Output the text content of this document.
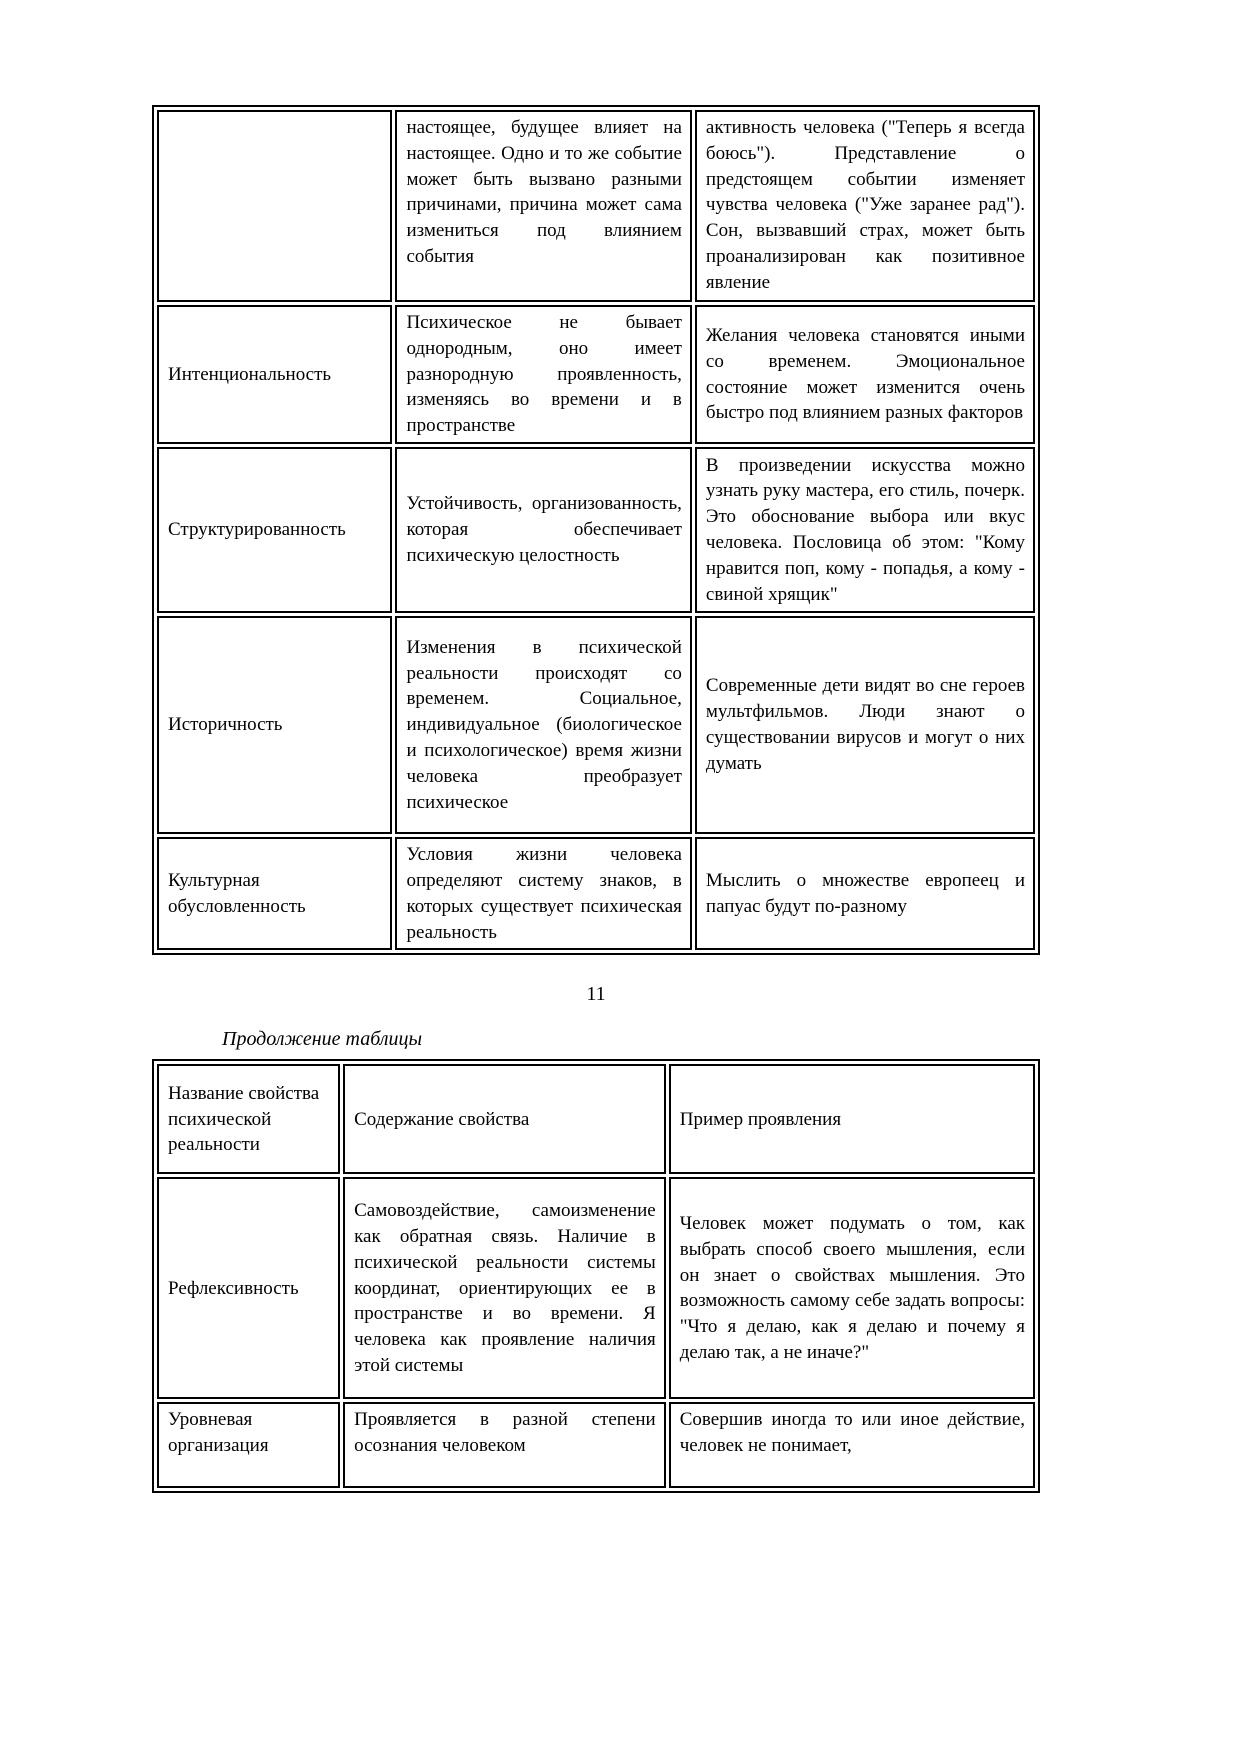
	настоящее, будущее влияет на настоящее. Одно и то же событие может быть вызвано разными причинами, причина может сама измениться под влиянием события	активность человека ("Теперь я всегда боюсь"). Представление о предстоящем событии изменяет чувства человека ("Уже заранее рад"). Сон, вызвавший страх, может быть проанализирован как позитивное явление
Интенциональность	Психическое не бывает однородным, оно имеет разнородную проявленность, изменяясь во времени и в пространстве	Желания человека становятся иными со временем. Эмоциональное состояние может изменится очень быстро под влиянием разных факторов
Структурированность	Устойчивость, организованность, которая обеспечивает психическую целостность	В произведении искусства можно узнать руку мастера, его стиль, почерк. Это обоснование выбора или вкус человека. Пословица об этом: "Кому нравится поп, кому - попадья, а кому - свиной хрящик"
Историчность	Изменения в психической реальности происходят со временем. Социальное, индивидуальное (биологическое и психологическое) время жизни человека преобразует психическое	Современные дети видят во сне героев мультфильмов. Люди знают о существовании вирусов и могут о них думать
Культурная обусловленность	Условия жизни человека определяют систему знаков, в которых существует психическая реальность	Мыслить о множестве европеец и папуас будут по-разному
11
Продолжение таблицы
Название свойства психической реальности	Содержание свойства	Пример проявления
Рефлексивность	Самовоздействие, самоизменение как обратная связь. Наличие в психической реальности системы координат, ориентирующих ее в пространстве и во времени. Я человека как проявление наличия этой системы	Человек может подумать о том, как выбрать способ своего мышления, если он знает о свойствах мышления. Это возможность самому себе задать вопросы: "Что я делаю, как я делаю и почему я делаю так, а не иначе?"
Уровневая организация	Проявляется в разной степени осознания человеком	Совершив иногда то или иное действие, человек не понимает,
